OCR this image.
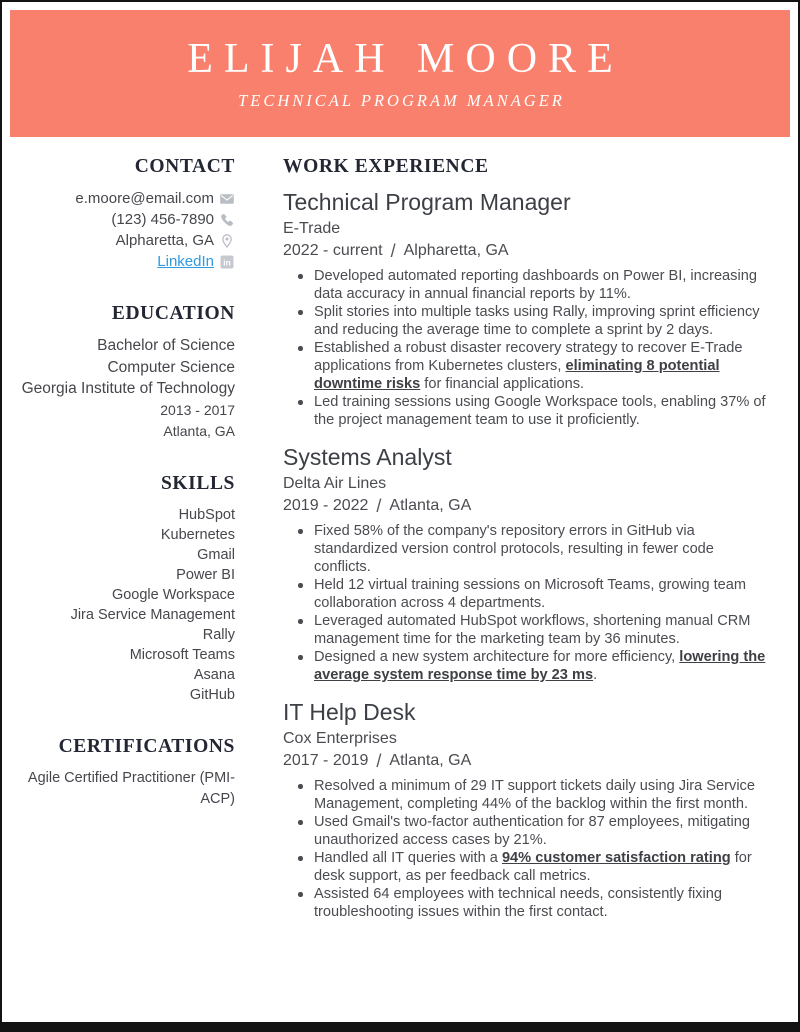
ELIJAH MOORE
TECHNICAL PROGRAM MANAGER
CONTACT
e.moore@email.com
(123) 456-7890
Alpharetta, GA
LinkedIn in
EDUCATION
Bachelor of Science
Computer Science
Georgia Institute of Technology
2013 - 2017
Atlanta, GA
SKILLS
HubSpot
Kubernetes
Gmail
Power BI
Google Workspace
Jira Service Management
Rally
Microsoft Teams
Asana
GitHub
CERTIFICATIONS
Agile Certified Practitioner (PMI-ACP)
WORK EXPERIENCE
Technical Program Manager
E-Trade
2022 - current / Alpharetta, GA
Developed automated reporting dashboards on Power BI, increasing data accuracy in annual financial reports by 11%.
Split stories into multiple tasks using Rally, improving sprint efficiency and reducing the average time to complete a sprint by 2 days.
Established a robust disaster recovery strategy to recover E-Trade applications from Kubernetes clusters, eliminating 8 potential downtime risks for financial applications.
Led training sessions using Google Workspace tools, enabling 37% of the project management team to use it proficiently.
Systems Analyst
Delta Air Lines
2019 - 2022 / Atlanta, GA
Fixed 58% of the company's repository errors in GitHub via standardized version control protocols, resulting in fewer code conflicts.
Held 12 virtual training sessions on Microsoft Teams, growing team collaboration across 4 departments.
Leveraged automated HubSpot workflows, shortening manual CRM management time for the marketing team by 36 minutes.
Designed a new system architecture for more efficiency, lowering the average system response time by 23 ms.
IT Help Desk
Cox Enterprises
2017 - 2019 / Atlanta, GA
Resolved a minimum of 29 IT support tickets daily using Jira Service Management, completing 44% of the backlog within the first month.
Used Gmail's two-factor authentication for 87 employees, mitigating unauthorized access cases by 21%.
Handled all IT queries with a 94% customer satisfaction rating for desk support, as per feedback call metrics.
Assisted 64 employees with technical needs, consistently fixing troubleshooting issues within the first contact.
